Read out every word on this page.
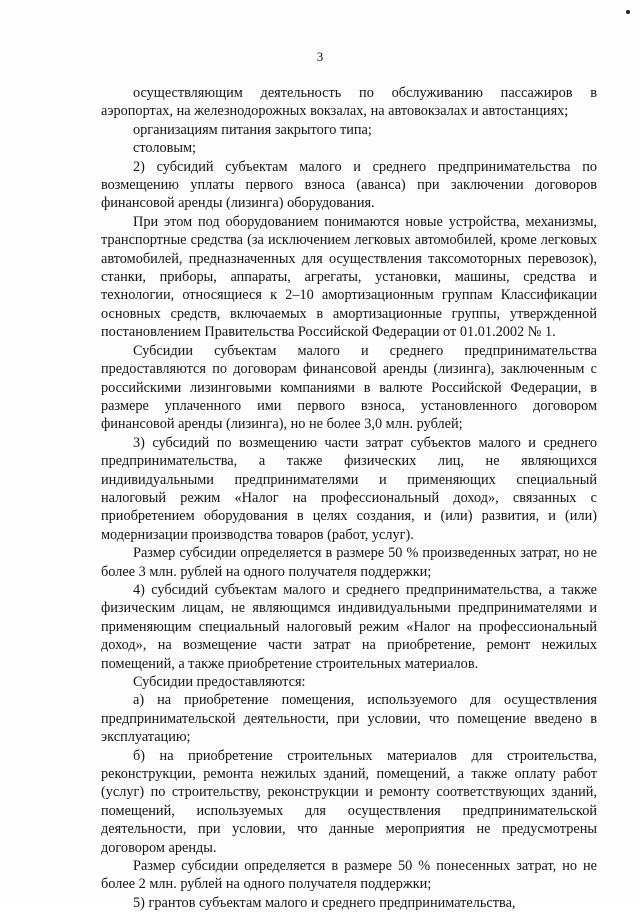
3

осуществляющим деятельность по обслуживанию пассажиров в аэропортах, на железнодорожных вокзалах, на автовокзалах и автостанциях;

организациям питания закрытого типа;

столовым;

2) субсидий субъектам малого и среднего предпринимательства по возмещению уплаты первого взноса (аванса) при заключении договоров финансовой аренды (лизинга) оборудования.

При этом под оборудованием понимаются новые устройства, механизмы, транспортные средства (за исключением легковых автомобилей, кроме легковых автомобилей, предназначенных для осуществления таксомоторных перевозок), станки, приборы, аппараты, агрегаты, установки, машины, средства и технологии, относящиеся к 2–10 амортизационным группам Классификации основных средств, включаемых в амортизационные группы, утвержденной постановлением Правительства Российской Федерации от 01.01.2002 № 1.

Субсидии субъектам малого и среднего предпринимательства предоставляются по договорам финансовой аренды (лизинга), заключенным с российскими лизинговыми компаниями в валюте Российской Федерации, в размере уплаченного ими первого взноса, установленного договором финансовой аренды (лизинга), но не более 3,0 млн. рублей;

3) субсидий по возмещению части затрат субъектов малого и среднего предпринимательства, а также физических лиц, не являющихся индивидуальными предпринимателями и применяющих специальный налоговый режим «Налог на профессиональный доход», связанных с приобретением оборудования в целях создания, и (или) развития, и (или) модернизации производства товаров (работ, услуг).

Размер субсидии определяется в размере 50 % произведенных затрат, но не более 3 млн. рублей на одного получателя поддержки;

4) субсидий субъектам малого и среднего предпринимательства, а также физическим лицам, не являющимся индивидуальными предпринимателями и применяющим специальный налоговый режим «Налог на профессиональный доход», на возмещение части затрат на приобретение, ремонт нежилых помещений, а также приобретение строительных материалов.

Субсидии предоставляются:

а) на приобретение помещения, используемого для осуществления предпринимательской деятельности, при условии, что помещение введено в эксплуатацию;

б) на приобретение строительных материалов для строительства, реконструкции, ремонта нежилых зданий, помещений, а также оплату работ (услуг) по строительству, реконструкции и ремонту соответствующих зданий, помещений, используемых для осуществления предпринимательской деятельности, при условии, что данные мероприятия не предусмотрены договором аренды.

Размер субсидии определяется в размере 50 % понесенных затрат, но не более 2 млн. рублей на одного получателя поддержки;

5) грантов субъектам малого и среднего предпринимательства,
